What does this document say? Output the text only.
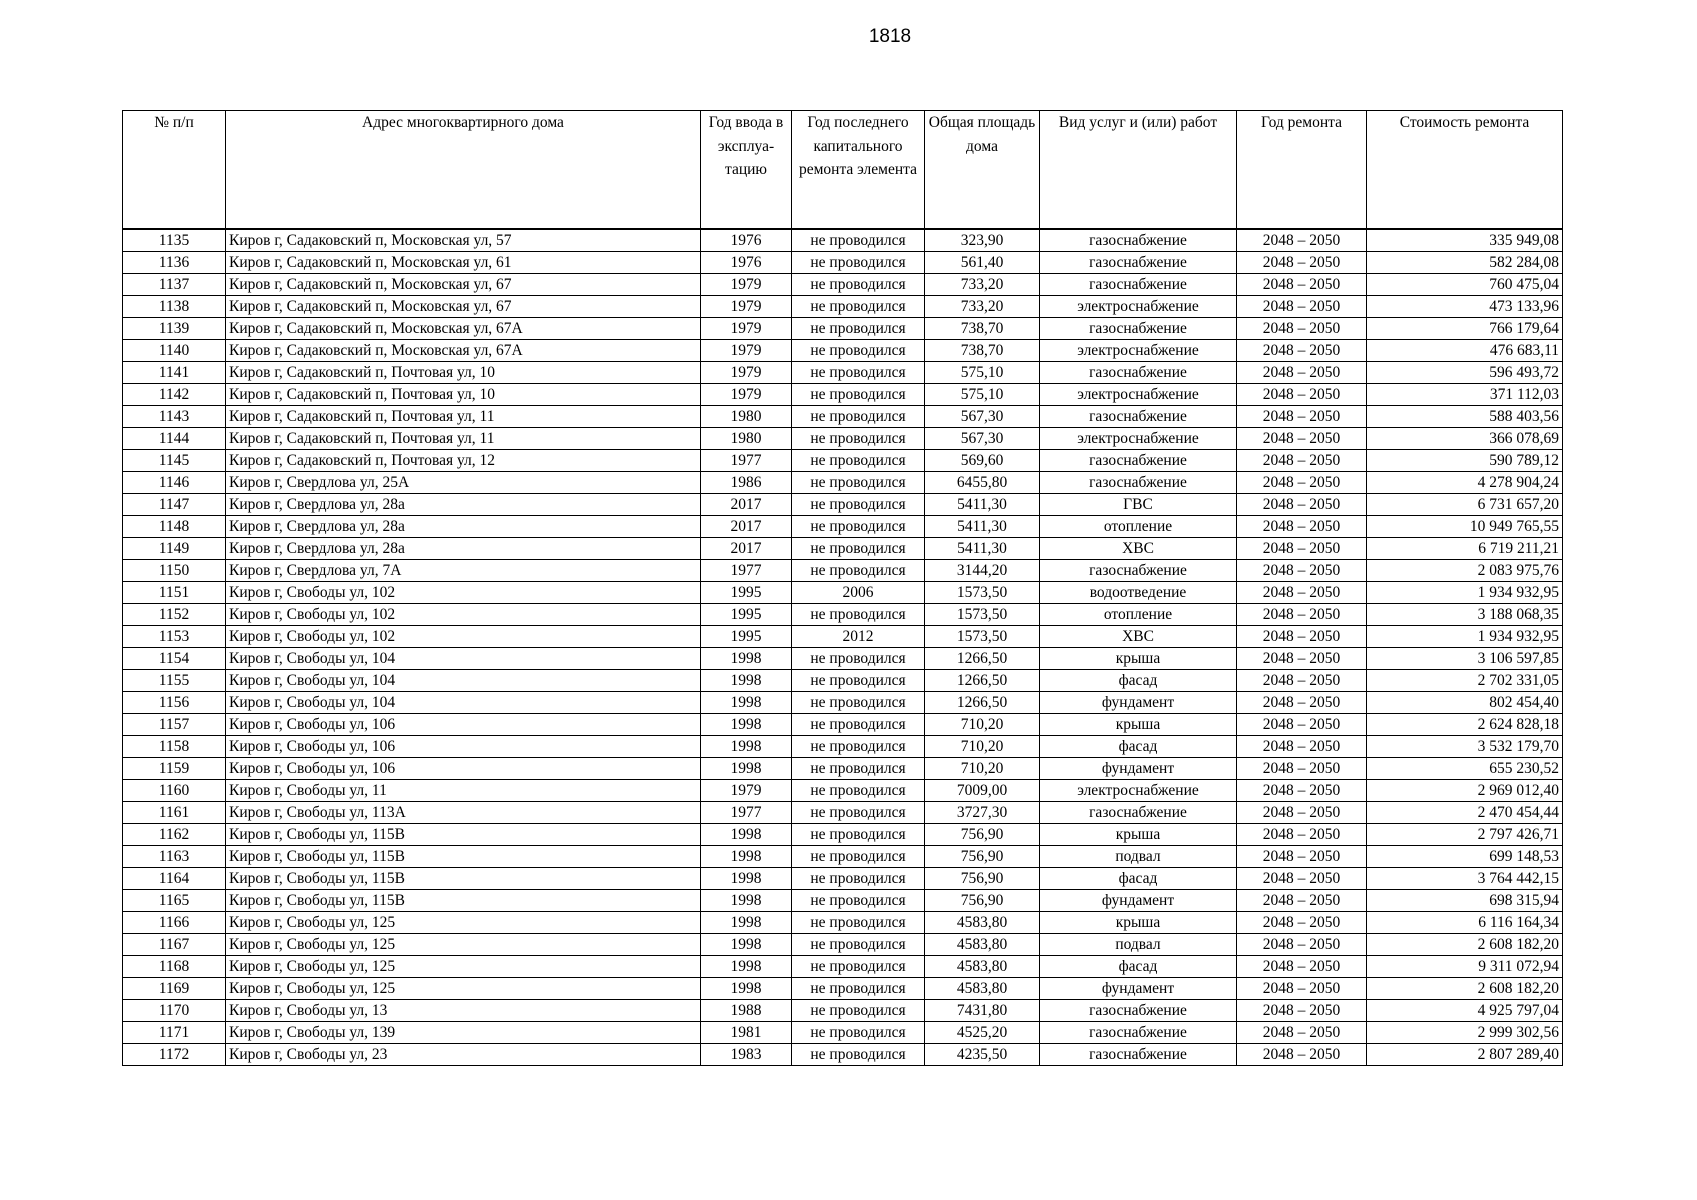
1818
№ п/п	Адрес многоквартирного дома	Год ввода в эксплуа-тацию	Год последнего капитального ремонта элемента	Общая площадь дома	Вид услуг и (или) работ	Год ремонта	Стоимость ремонта
1135	Киров г, Садаковский п, Московская ул, 57	1976	не проводился	323,90	газоснабжение	2048 – 2050	335 949,08
1136	Киров г, Садаковский п, Московская ул, 61	1976	не проводился	561,40	газоснабжение	2048 – 2050	582 284,08
1137	Киров г, Садаковский п, Московская ул, 67	1979	не проводился	733,20	газоснабжение	2048 – 2050	760 475,04
1138	Киров г, Садаковский п, Московская ул, 67	1979	не проводился	733,20	электроснабжение	2048 – 2050	473 133,96
1139	Киров г, Садаковский п, Московская ул, 67А	1979	не проводился	738,70	газоснабжение	2048 – 2050	766 179,64
1140	Киров г, Садаковский п, Московская ул, 67А	1979	не проводился	738,70	электроснабжение	2048 – 2050	476 683,11
1141	Киров г, Садаковский п, Почтовая ул, 10	1979	не проводился	575,10	газоснабжение	2048 – 2050	596 493,72
1142	Киров г, Садаковский п, Почтовая ул, 10	1979	не проводился	575,10	электроснабжение	2048 – 2050	371 112,03
1143	Киров г, Садаковский п, Почтовая ул, 11	1980	не проводился	567,30	газоснабжение	2048 – 2050	588 403,56
1144	Киров г, Садаковский п, Почтовая ул, 11	1980	не проводился	567,30	электроснабжение	2048 – 2050	366 078,69
1145	Киров г, Садаковский п, Почтовая ул, 12	1977	не проводился	569,60	газоснабжение	2048 – 2050	590 789,12
1146	Киров г, Свердлова ул, 25А	1986	не проводился	6455,80	газоснабжение	2048 – 2050	4 278 904,24
1147	Киров г, Свердлова ул, 28а	2017	не проводился	5411,30	ГВС	2048 – 2050	6 731 657,20
1148	Киров г, Свердлова ул, 28а	2017	не проводился	5411,30	отопление	2048 – 2050	10 949 765,55
1149	Киров г, Свердлова ул, 28а	2017	не проводился	5411,30	ХВС	2048 – 2050	6 719 211,21
1150	Киров г, Свердлова ул, 7А	1977	не проводился	3144,20	газоснабжение	2048 – 2050	2 083 975,76
1151	Киров г, Свободы ул, 102	1995	2006	1573,50	водоотведение	2048 – 2050	1 934 932,95
1152	Киров г, Свободы ул, 102	1995	не проводился	1573,50	отопление	2048 – 2050	3 188 068,35
1153	Киров г, Свободы ул, 102	1995	2012	1573,50	ХВС	2048 – 2050	1 934 932,95
1154	Киров г, Свободы ул, 104	1998	не проводился	1266,50	крыша	2048 – 2050	3 106 597,85
1155	Киров г, Свободы ул, 104	1998	не проводился	1266,50	фасад	2048 – 2050	2 702 331,05
1156	Киров г, Свободы ул, 104	1998	не проводился	1266,50	фундамент	2048 – 2050	802 454,40
1157	Киров г, Свободы ул, 106	1998	не проводился	710,20	крыша	2048 – 2050	2 624 828,18
1158	Киров г, Свободы ул, 106	1998	не проводился	710,20	фасад	2048 – 2050	3 532 179,70
1159	Киров г, Свободы ул, 106	1998	не проводился	710,20	фундамент	2048 – 2050	655 230,52
1160	Киров г, Свободы ул, 11	1979	не проводился	7009,00	электроснабжение	2048 – 2050	2 969 012,40
1161	Киров г, Свободы ул, 113А	1977	не проводился	3727,30	газоснабжение	2048 – 2050	2 470 454,44
1162	Киров г, Свободы ул, 115В	1998	не проводился	756,90	крыша	2048 – 2050	2 797 426,71
1163	Киров г, Свободы ул, 115В	1998	не проводился	756,90	подвал	2048 – 2050	699 148,53
1164	Киров г, Свободы ул, 115В	1998	не проводился	756,90	фасад	2048 – 2050	3 764 442,15
1165	Киров г, Свободы ул, 115В	1998	не проводился	756,90	фундамент	2048 – 2050	698 315,94
1166	Киров г, Свободы ул, 125	1998	не проводился	4583,80	крыша	2048 – 2050	6 116 164,34
1167	Киров г, Свободы ул, 125	1998	не проводился	4583,80	подвал	2048 – 2050	2 608 182,20
1168	Киров г, Свободы ул, 125	1998	не проводился	4583,80	фасад	2048 – 2050	9 311 072,94
1169	Киров г, Свободы ул, 125	1998	не проводился	4583,80	фундамент	2048 – 2050	2 608 182,20
1170	Киров г, Свободы ул, 13	1988	не проводился	7431,80	газоснабжение	2048 – 2050	4 925 797,04
1171	Киров г, Свободы ул, 139	1981	не проводился	4525,20	газоснабжение	2048 – 2050	2 999 302,56
1172	Киров г, Свободы ул, 23	1983	не проводился	4235,50	газоснабжение	2048 – 2050	2 807 289,40
